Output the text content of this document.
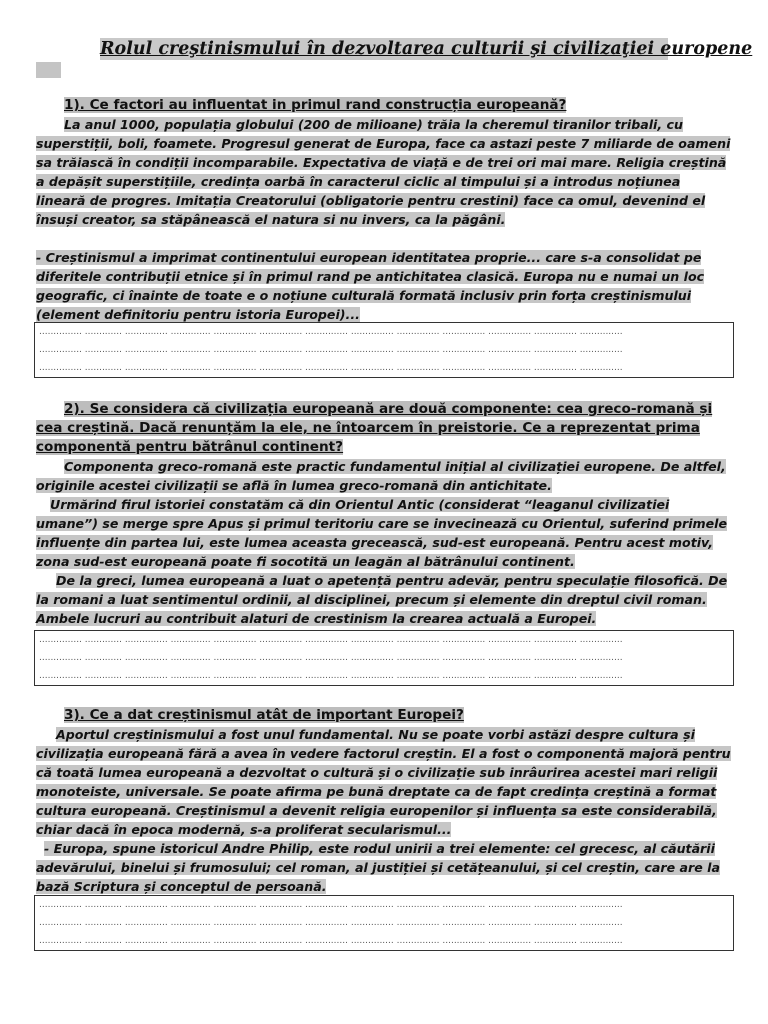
Rolul creştinismului în dezvoltarea culturii şi civilizaţiei europene
1). Ce factori au influentat in primul rand construcția europeană?

La anul 1000, populația globului (200 de milioane) trăia la cheremul tiranilor tribali, cu superstiții, boli, foamete. Progresul generat de Europa, face ca astazi peste 7 miliarde de oameni sa trăiască în condiții incomparabile. Expectativa de viață e de trei ori mai mare. Religia creștină a depășit superstițiile, credința oarbă în caracterul ciclic al timpului și a introdus noțiunea lineară de progres. Imitația Creatorului (obligatorie pentru crestini) face ca omul, devenind el însuși creator, sa stăpânească el natura si nu invers, ca la păgâni.

- Creștinismul a imprimat continentului european identitatea proprie... care s-a consolidat pe diferitele contribuții etnice și în primul rand pe antichitatea clasică. Europa nu e numai un loc geografic, ci înainte de toate e o noțiune culturală formată inclusiv prin forța creștinismului (element definitoriu pentru istoria Europei)...

............... ............. ............... .............. ............... ............... ............... ............... ............... ............... ............... ............... ...............
............... ............. ............... .............. ............... ............... ............... ............... ............... ............... ............... ............... ...............
............... ............. ............... .............. ............... ............... ............... ............... ............... ............... ............... ............... ...............
2). Se considera că civilizația europeană are două componente: cea greco-romană și cea creștină. Dacă renunțăm la ele, ne întoarcem în preistorie. Ce a reprezentat prima componentă pentru bătrânul continent?

Componenta greco-romană este practic fundamentul inițial al civilizației europene. De altfel, originile acestei civilizații se află în lumea greco-romană din antichitate.

Urmărind firul istoriei constatăm că din Orientul Antic (considerat “leaganul civilizatiei umane”) se merge spre Apus și primul teritoriu care se invecinează cu Orientul, suferind primele influențe din partea lui, este lumea aceasta grecească, sud-est europeană. Pentru acest motiv, zona sud-est europeană poate fi socotită un leagăn al bătrânului continent.

De la greci, lumea europeană a luat o apetență pentru adevăr, pentru speculație filosofică. De la romani a luat sentimentul ordinii, al disciplinei, precum și elemente din dreptul civil roman. Ambele lucruri au contribuit alaturi de crestinism la crearea actuală a Europei.

............... ............. ............... .............. ............... ............... ............... ............... ............... ............... ............... ............... ...............
............... ............. ............... .............. ............... ............... ............... ............... ............... ............... ............... ............... ...............
............... ............. ............... .............. ............... ............... ............... ............... ............... ............... ............... ............... ...............
3). Ce a dat creștinismul atât de important Europei?

Aportul creștinismului a fost unul fundamental. Nu se poate vorbi astăzi despre cultura și civilizația europeană fără a avea în vedere factorul creștin. El a fost o componentă majoră pentru că toată lumea europeană a dezvoltat o cultură și o civilizație sub inrâurirea acestei mari religii monoteiste, universale. Se poate afirma pe bună dreptate ca de fapt credința creștină a format cultura europeană. Creștinismul a devenit religia europenilor și influența sa este considerabilă, chiar dacă în epoca modernă, s-a proliferat secularismul...

- Europa, spune istoricul Andre Philip, este rodul unirii a trei elemente: cel grecesc, al căutării adevărului, binelui și frumosului; cel roman, al justiției și cetățeanului, și cel creștin, care are la bază Scriptura și conceptul de persoană.

............... ............. ............... .............. ............... ............... ............... ............... ............... ............... ............... ............... ...............
............... ............. ............... .............. ............... ............... ............... ............... ............... ............... ............... ............... ...............
............... ............. ............... .............. ............... ............... ............... ............... ............... ............... ............... ............... ...............
